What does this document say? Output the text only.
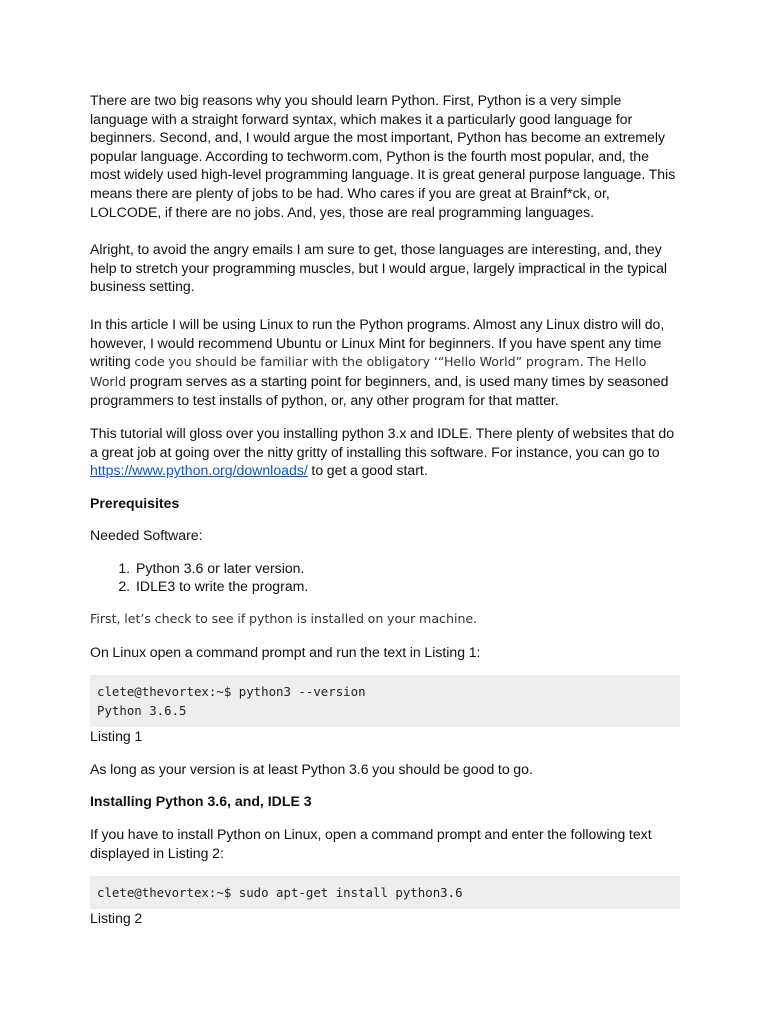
There are two big reasons why you should learn Python. First, Python is a very simple language with a straight forward syntax, which makes it a particularly good language for beginners. Second, and, I would argue the most important, Python has become an extremely popular language. According to techworm.com, Python is the fourth most popular, and, the most widely used high-level programming language. It is great general purpose language. This means there are plenty of jobs to be had. Who cares if you are great at Brainf*ck, or, LOLCODE, if there are no jobs. And, yes, those are real programming languages.

Alright, to avoid the angry emails I am sure to get, those languages are interesting, and, they help to stretch your programming muscles, but I would argue, largely impractical in the typical business setting.

In this article I will be using Linux to run the Python programs. Almost any Linux distro will do, however, I would recommend Ubuntu or Linux Mint for beginners. If you have spent any time writing code you should be familiar with the obligatory ‘“Hello World” program. The Hello World program serves as a starting point for beginners, and, is used many times by seasoned programmers to test installs of python, or, any other program for that matter.

This tutorial will gloss over you installing python 3.x and IDLE. There plenty of websites that do a great job at going over the nitty gritty of installing this software. For instance, you can go to https://www.python.org/downloads/ to get a good start.

Prerequisites

Needed Software:

1. Python 3.6 or later version.
2. IDLE3 to write the program.

First, let’s check to see if python is installed on your machine.

On Linux open a command prompt and run the text in Listing 1:

clete@thevortex:~$ python3 --version
Python 3.6.5

Listing 1

As long as your version is at least Python 3.6 you should be good to go.

Installing Python 3.6, and, IDLE 3

If you have to install Python on Linux, open a command prompt and enter the following text displayed in Listing 2:

clete@thevortex:~$ sudo apt-get install python3.6

Listing 2
